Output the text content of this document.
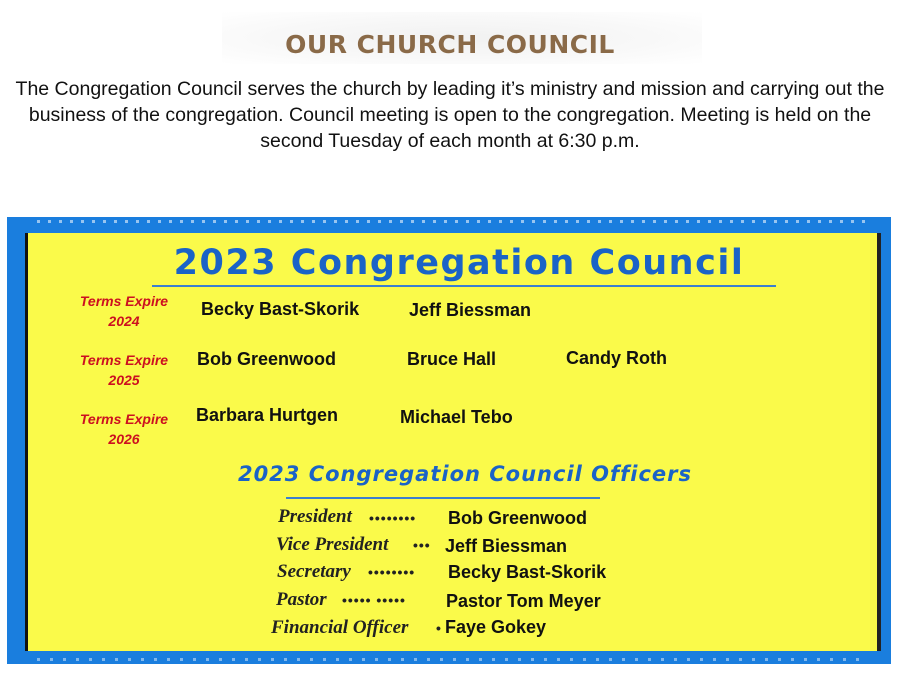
OUR CHURCH COUNCIL

The Congregation Council serves the church by leading it’s ministry and mission and carrying out the business of the congregation. Council meeting is open to the congregation. Meeting is held on the second Tuesday of each month at 6:30 p.m.

2023 Congregation Council
Terms Expire
2024
Becky Bast-Skorik	Jeff Biessman
Terms Expire
2025
Bob Greenwood	Bruce Hall	Candy Roth
Terms Expire
2026
Barbara Hurtgen	Michael Tebo
2023 Congregation Council Officers
President •••••••• Bob Greenwood
Vice President ••• Jeff Biessman
Secretary •••••••• Becky Bast-Skorik
Pastor ••••• ••••• Pastor Tom Meyer
Financial Officer • Faye Gokey
